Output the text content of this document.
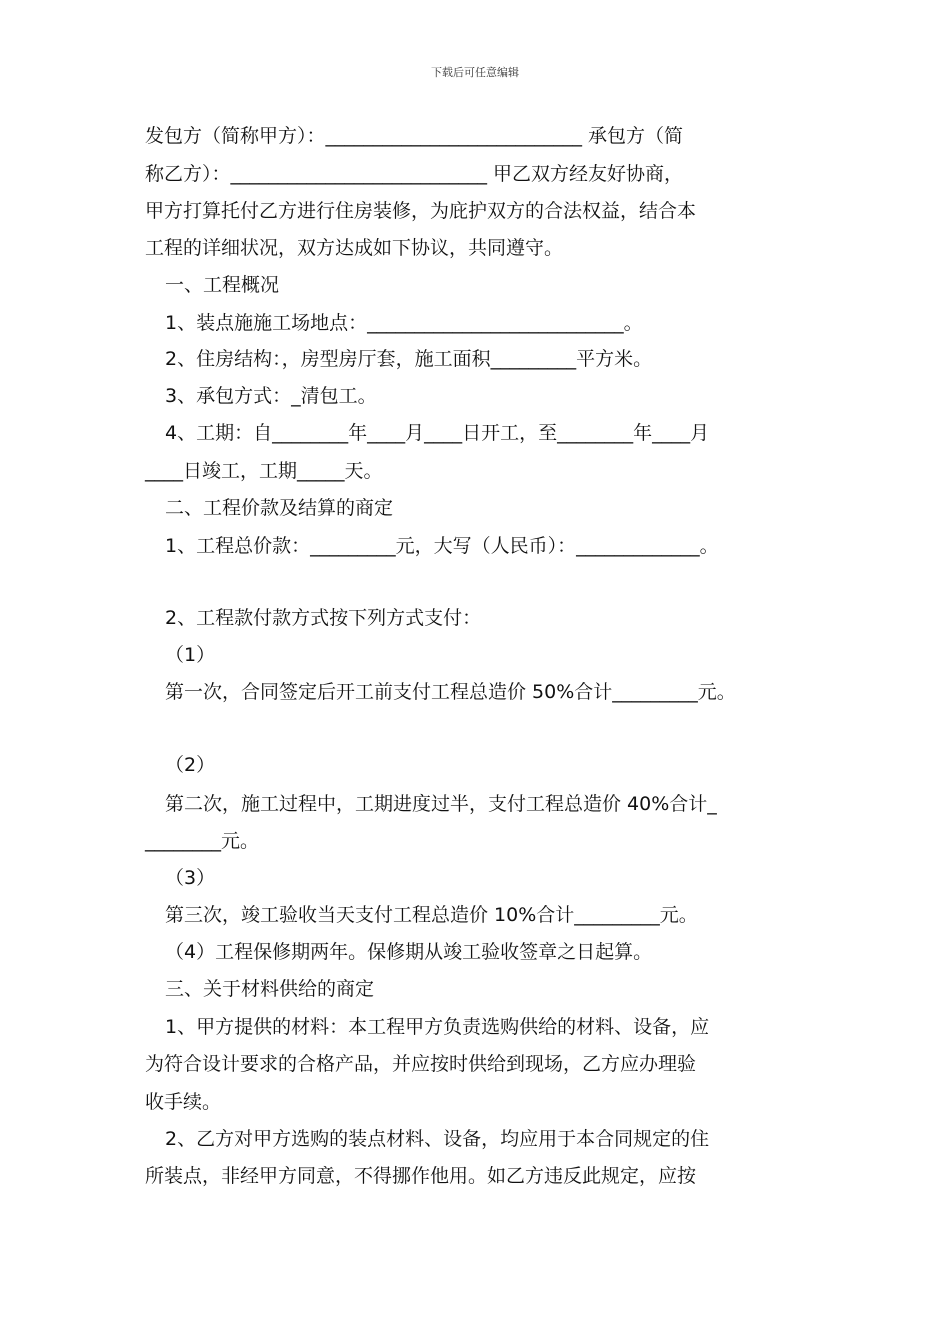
下载后可任意编辑
发包方（简称甲方）：___________________________ 承包方（简
称乙方）：___________________________ 甲乙双方经友好协商，
甲方打算托付乙方进行住房装修，为庇护双方的合法权益，结合本
工程的详细状况，双方达成如下协议，共同遵守。
一、工程概况
1、装点施施工场地点：___________________________。
2、住房结构：，房型房厅套，施工面积_________平方米。
3、承包方式：_清包工。
4、工期：自________年____月____日开工，至________年____月
____日竣工，工期_____天。
二、工程价款及结算的商定
1、工程总价款：_________元，大写（人民币）：_____________。
2、工程款付款方式按下列方式支付：
（1）
第一次，合同签定后开工前支付工程总造价 50%合计_________元。
（2）
第二次，施工过程中，工期进度过半，支付工程总造价 40%合计_
________元。
（3）
第三次，竣工验收当天支付工程总造价 10%合计_________元。
（4）工程保修期两年。保修期从竣工验收签章之日起算。
三、关于材料供给的商定
1、甲方提供的材料：本工程甲方负责选购供给的材料、设备，应
为符合设计要求的合格产品，并应按时供给到现场，乙方应办理验
收手续。
2、乙方对甲方选购的装点材料、设备，均应用于本合同规定的住
所装点，非经甲方同意，不得挪作他用。如乙方违反此规定，应按
